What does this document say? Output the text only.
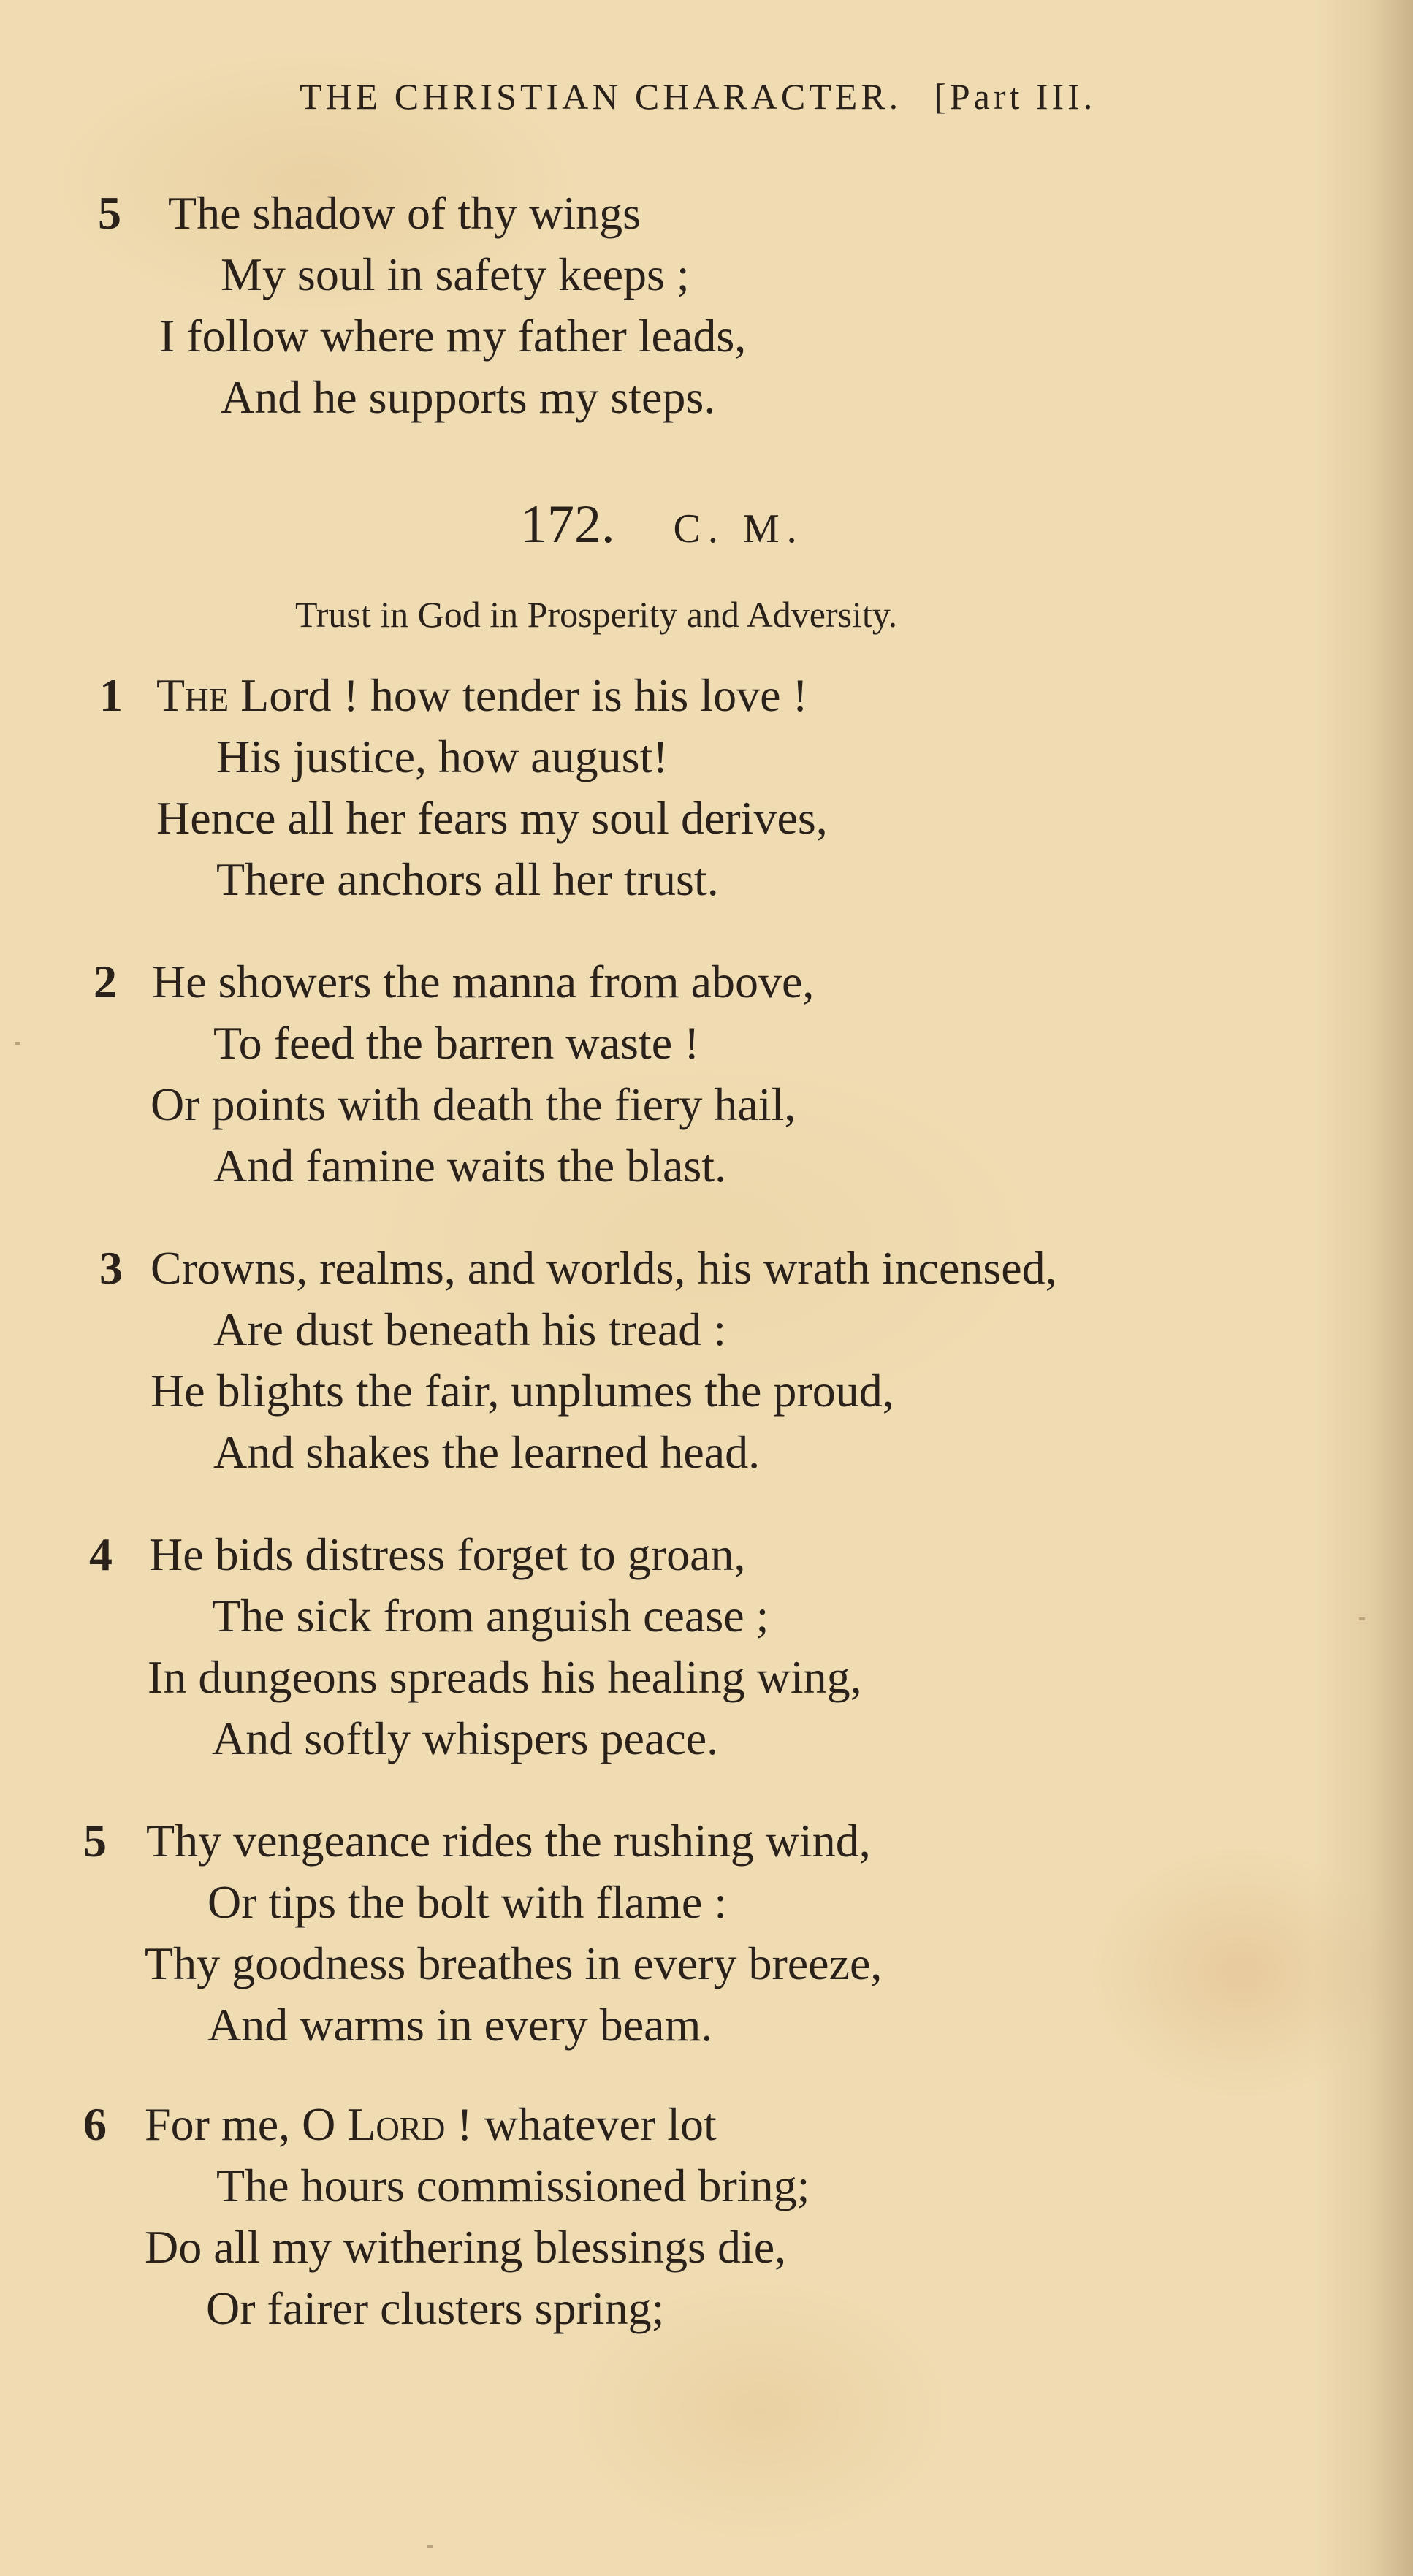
THE CHRISTIAN CHARACTER. [Part III.
5 The shadow of thy wings
My soul in safety keeps ;
I follow where my father leads,
And he supports my steps.
172. C. M.
Trust in God in Prosperity and Adversity.
1 The Lord ! how tender is his love !
His justice, how august!
Hence all her fears my soul derives,
There anchors all her trust.
2 He showers the manna from above,
To feed the barren waste !
Or points with death the fiery hail,
And famine waits the blast.
3 Crowns, realms, and worlds, his wrath incensed,
Are dust beneath his tread :
He blights the fair, unplumes the proud,
And shakes the learned head.
4 He bids distress forget to groan,
The sick from anguish cease ;
In dungeons spreads his healing wing,
And softly whispers peace.
5 Thy vengeance rides the rushing wind,
Or tips the bolt with flame :
Thy goodness breathes in every breeze,
And warms in every beam.
6 For me, O Lord ! whatever lot
The hours commissioned bring;
Do all my withering blessings die,
Or fairer clusters spring;
